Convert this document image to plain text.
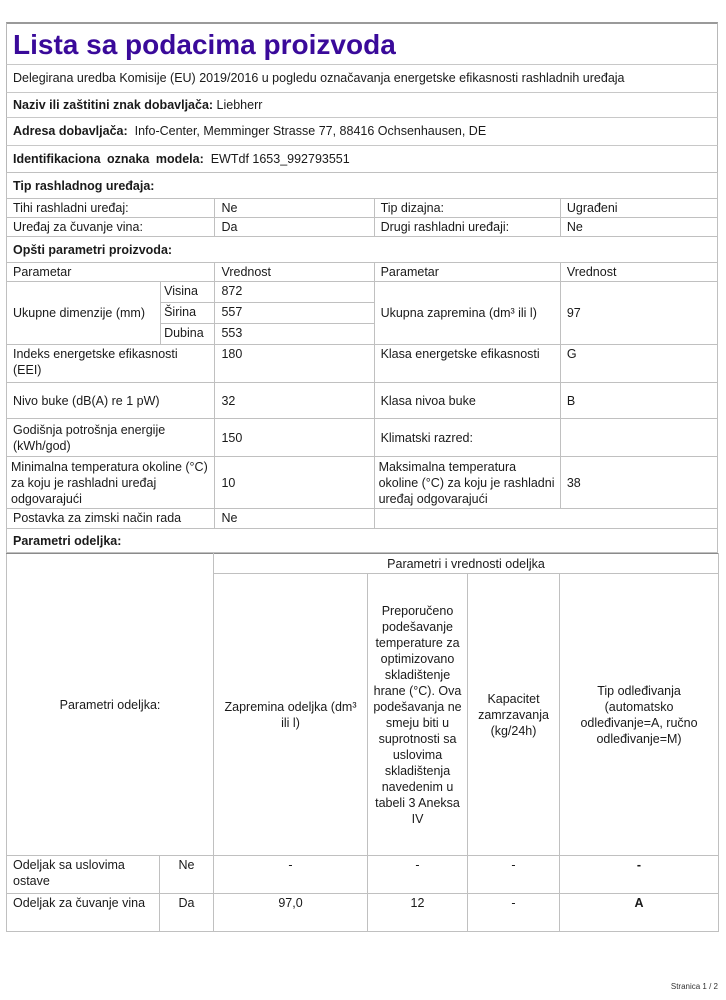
Lista sa podacima proizvoda
Delegirana uredba Komisije (EU) 2019/2016 u pogledu označavanja energetske efikasnosti rashladnih uređaja
Naziv ili zaštitini znak dobavljača: Liebherr
Adresa dobavljača: Info-Center, Memminger Strasse 77, 88416 Ochsenhausen, DE
Identifikaciona oznaka modela: EWTdf 1653_992793551
Tip rashladnog uređaja:				
Tihi rashladni uređaj:		Ne	Tip dizajna:	Ugrađeni
Uređaj za čuvanje vina:		Da	Drugi rashladni uređaji:	Ne
Opšti parametri proizvoda:				
Parametar		Vrednost	Parametar	Vrednost
Ukupne dimenzije (mm)	Visina	872	Ukupna zapremina (dm³ ili l)	97
	Širina	557		
	Dubina	553		
Indeks energetske efikasnosti (EEI)		180	Klasa energetske efikasnosti	G
Nivo buke (dB(A) re 1 pW)		32	Klasa nivoa buke	B
Godišnja potrošnja energije (kWh/god)		150	Klimatski razred:	
Minimalna temperatura okoline (°C) za koju je rashladni uređaj odgovarajući		10	Maksimalna temperatura okoline (°C) za koju je rashladni uređaj odgovarajući	38
Postavka za zimski način rada		Ne		
Parametri odeljka:				
Parametri odeljka:		Parametri i vrednosti odeljka			
		Zapremina odeljka (dm³ ili l)	Preporučeno podešavanje temperature za optimizovano skladištenje hrane (°C). Ova podešavanja ne smeju biti u suprotnosti sa uslovima skladištenja navedenim u tabeli 3 Aneksa IV	Kapacitet zamrzavanja (kg/24h)	Tip odleđivanja (automatsko odleđivanje=A, ručno odleđivanje=M)
Odeljak sa uslovima ostave	Ne	-	-	-	-
Odeljak za čuvanje vina	Da	97,0	12	-	A
Stranica 1 / 2
